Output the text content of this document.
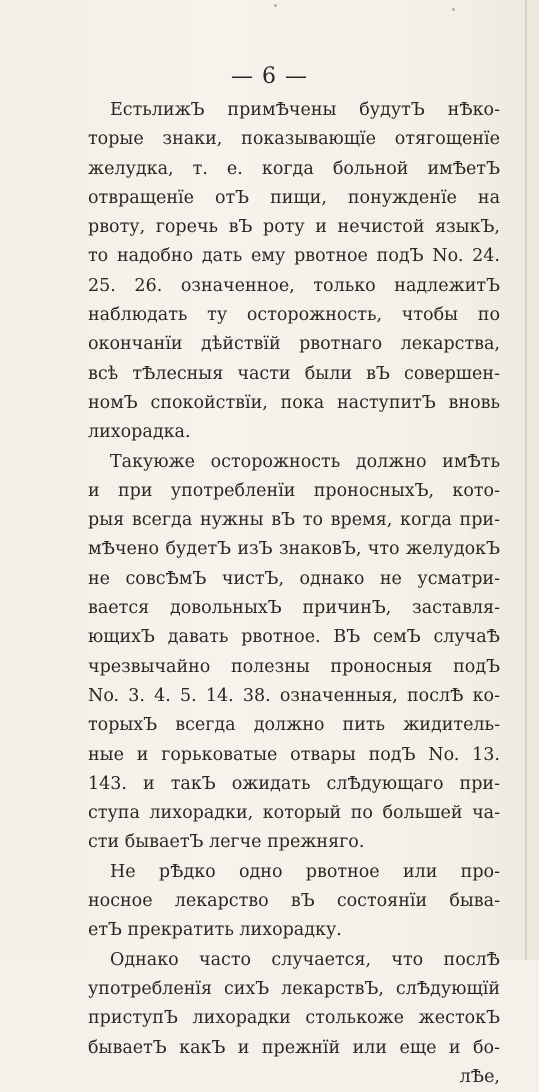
— 6 —
ЕстьлижЪ примѢчены будутЪ нѢко-
торые знаки, показывающїе отягощенїе
желудка, т. е. когда больной имѢетЪ
отвращенїе отЪ пищи, понужденїе на
рвоту, горечь вЪ роту и нечистой языкЪ,
то надобно дать ему рвотное подЪ No. 24.
25. 26. означенное, только надлежитЪ
наблюдать ту осторожность, чтобы по
окончанїи дѣйствїй рвотнаго лекарства,
всѣ тѢлесныя части были вЪ совершен-
номЪ спокойствїи, пока наступитЪ вновь
лихорадка.
Такуюже осторожность должно имѢть
и при употребленїи проносныхЪ, кото-
рыя всегда нужны вЪ то время, когда при-
мѢчено будетЪ изЪ знаковЪ, что желудокЪ
не совсѢмЪ чистЪ, однако не усматри-
вается довольныхЪ причинЪ, заставля-
ющихЪ давать рвотное. ВЪ семЪ случаѢ
чрезвычайно полезны проносныя подЪ
No. 3. 4. 5. 14. 38. означенныя, послѢ ко-
торыхЪ всегда должно пить жидитель-
ные и горьковатые отвары подЪ No. 13.
143. и такЪ ожидать слѢдующаго при-
ступа лихорадки, который по большей ча-
сти бываетЪ легче прежняго.
Не рѢдко одно рвотное или про-
носное лекарство вЪ состоянїи быва-
етЪ прекратить лихорадку.
Однако часто случается, что послѢ
употребленїя сихЪ лекарствЪ, слѢдующїй
приступЪ лихорадки столькоже жестокЪ
бываетЪ какЪ и прежнїй или еще и бо-
лѢе,
